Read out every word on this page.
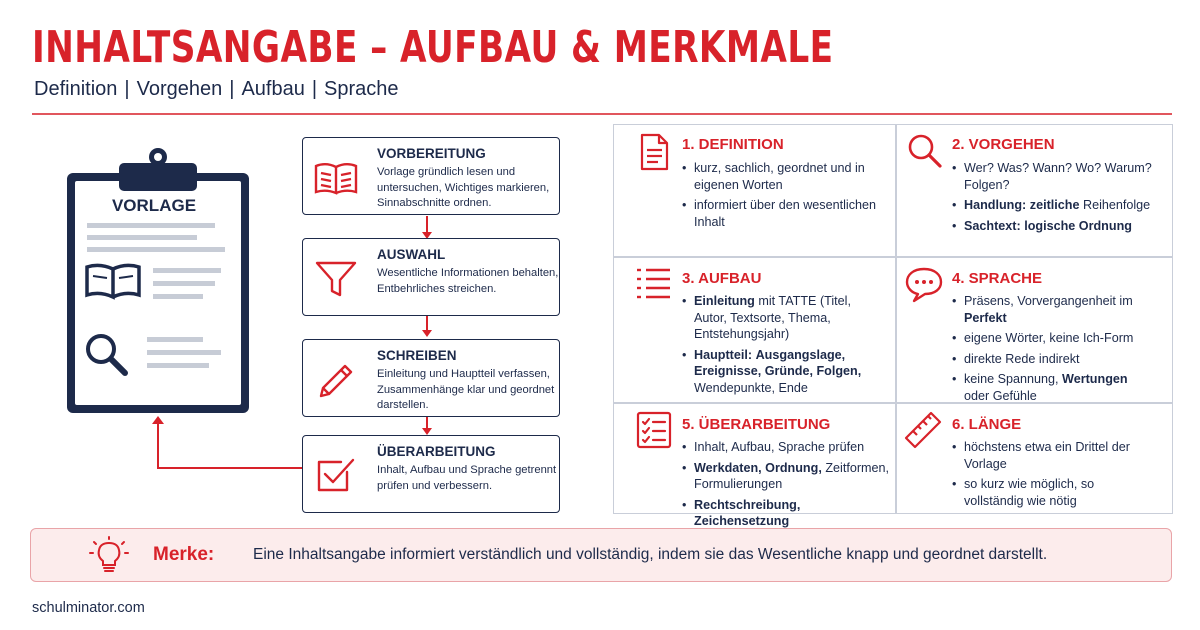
INHALTSANGABE – AUFBAU & MERKMALE
Definition | Vorgehen | Aufbau | Sprache
VORLAGE
VORBEREITUNG
Vorlage gründlich lesen und untersuchen, Wichtiges markieren, Sinnabschnitte ordnen.
AUSWAHL
Wesentliche Informationen behalten, Entbehrliches streichen.
SCHREIBEN
Einleitung und Hauptteil verfassen, Zusammenhänge klar und geordnet darstellen.
ÜBERARBEITUNG
Inhalt, Aufbau und Sprache getrennt prüfen und verbessern.
1. DEFINITION
• kurz, sachlich, geordnet und in eigenen Worten
• informiert über den wesentlichen Inhalt
2. VORGEHEN
• Wer? Was? Wann? Wo? Warum? Folgen?
• Handlung: zeitliche Reihenfolge
• Sachtext: logische Ordnung
3. AUFBAU
• Einleitung mit TATTE (Titel, Autor, Textsorte, Thema, Entstehungsjahr)
• Hauptteil: Ausgangslage, Ereignisse, Gründe, Folgen, Wendepunkte, Ende
4. SPRACHE
• Präsens, Vorvergangenheit im Perfekt
• eigene Wörter, keine Ich-Form
• direkte Rede indirekt
• keine Spannung, Wertungen oder Gefühle
5. ÜBERARBEITUNG
• Inhalt, Aufbau, Sprache prüfen
• Werkdaten, Ordnung, Zeitformen, Formulierungen
• Rechtschreibung, Zeichensetzung
6. LÄNGE
• höchstens etwa ein Drittel der Vorlage
• so kurz wie möglich, so vollständig wie nötig
Merke:	Eine Inhaltsangabe informiert verständlich und vollständig, indem sie das Wesentliche knapp und geordnet darstellt.
schulminator.com
